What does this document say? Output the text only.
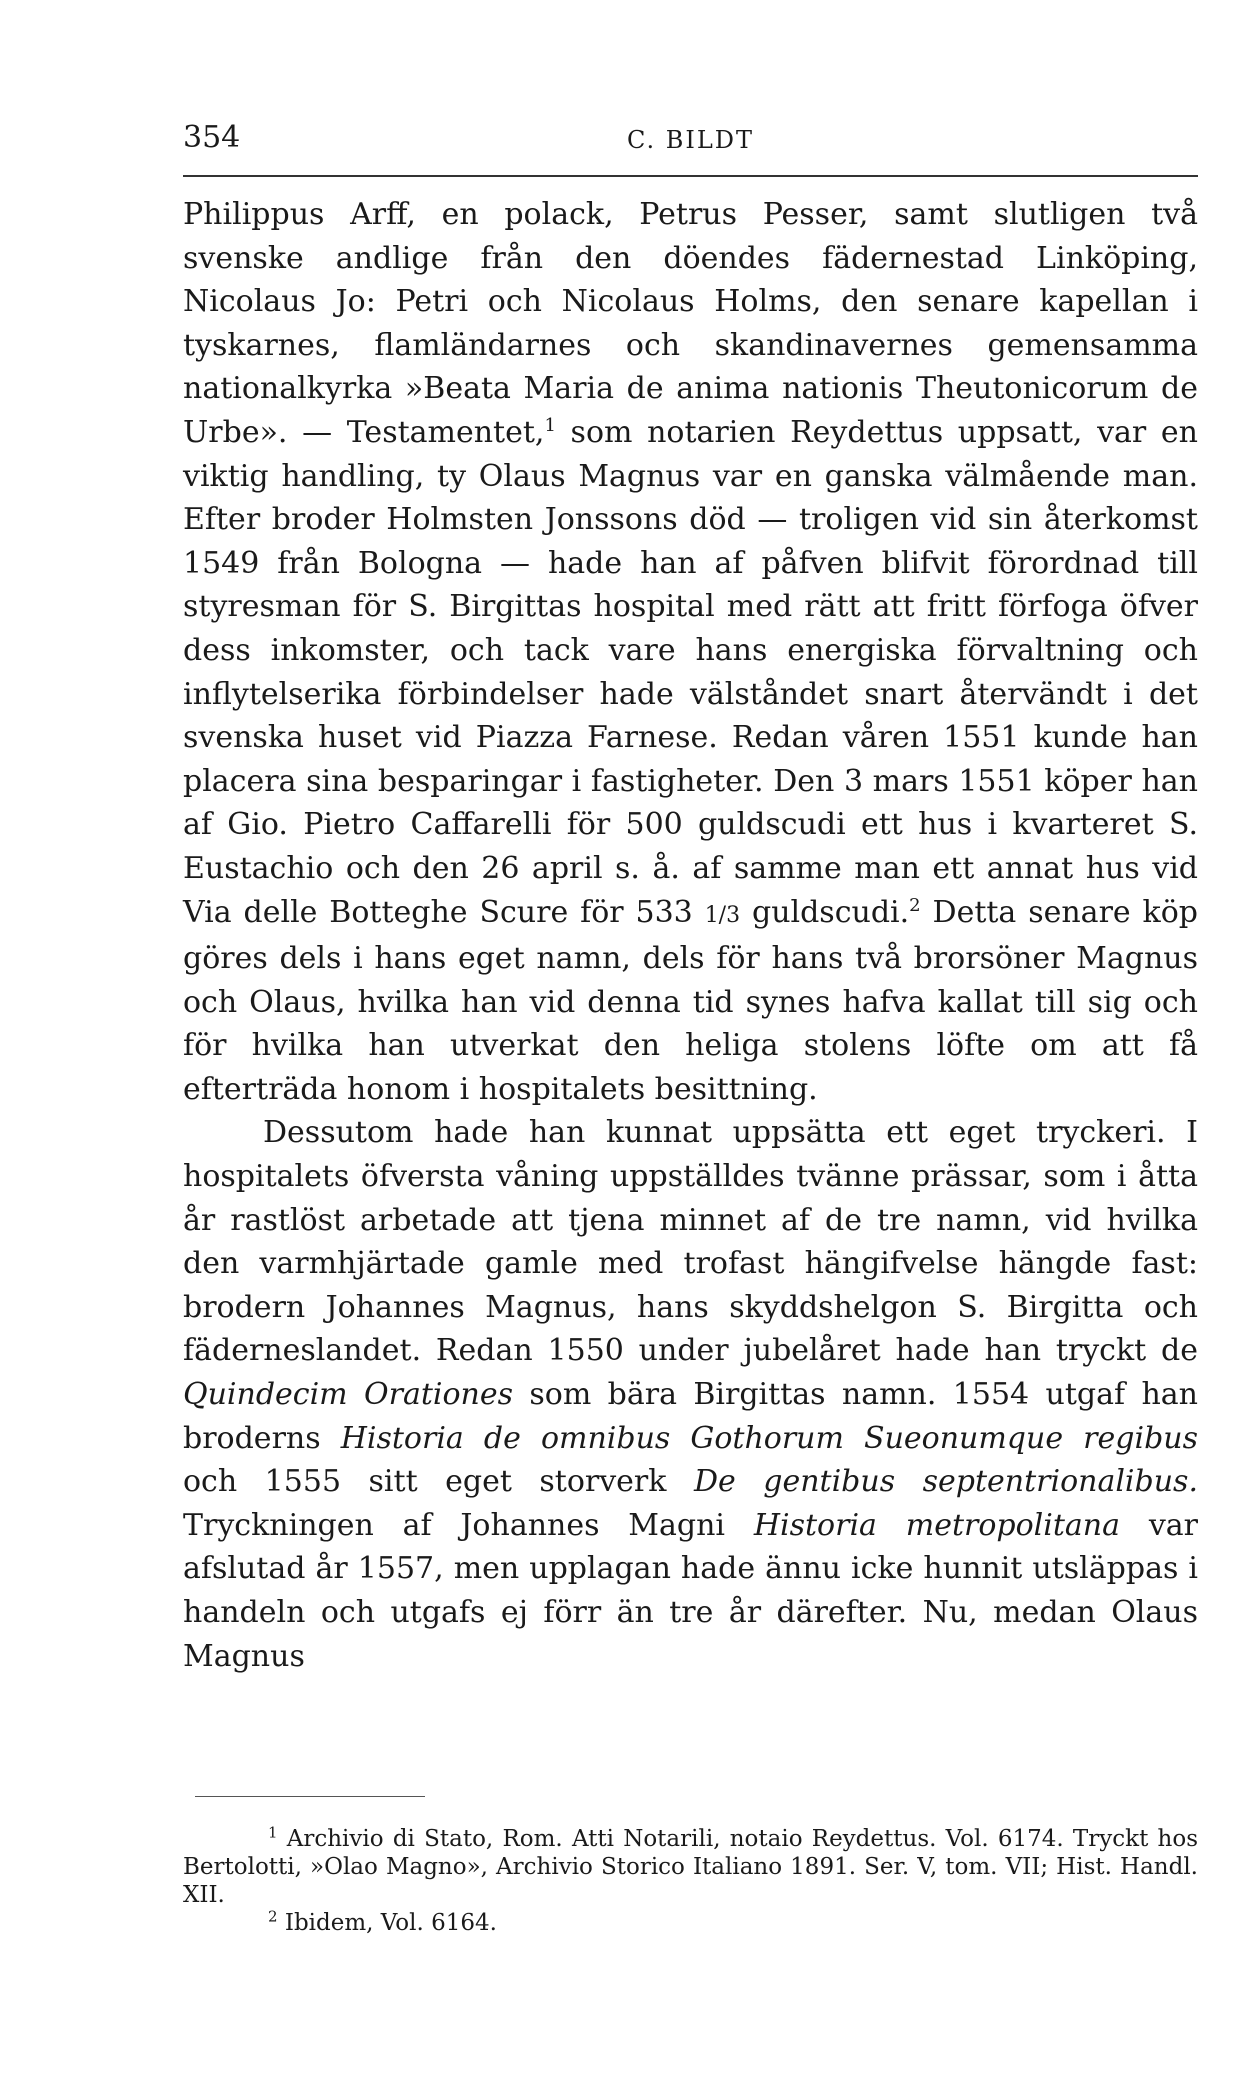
354	C. BILDT

Philippus Arff, en polack, Petrus Pesser, samt slutligen två svenske andlige från den döendes fädernestad Linköping, Nicolaus Jo: Petri och Nicolaus Holms, den senare kapellan i tyskarnes, flamländarnes och skandinavernes gemensamma nationalkyrka »Beata Maria de anima nationis Theutonicorum de Urbe». — Testamentet,$^1$ som notarien Reydettus uppsatt, var en viktig handling, ty Olaus Magnus var en ganska välmående man. Efter broder Holmsten Jonssons död — troligen vid sin återkomst 1549 från Bologna — hade han af påfven blifvit förordnad till styresman för S. Birgittas hospital med rätt att fritt förfoga öfver dess inkomster, och tack vare hans energiska förvaltning och inflytelserika förbindelser hade välståndet snart återvändt i det svenska huset vid Piazza Farnese. Redan våren 1551 kunde han placera sina besparingar i fastigheter. Den 3 mars 1551 köper han af Gio. Pietro Caffarelli för 500 guldscudi ett hus i kvarteret S. Eustachio och den 26 april s. å. af samme man ett annat hus vid Via delle Botteghe Scure för 533 1/3 guldscudi.$^2$ Detta senare köp göres dels i hans eget namn, dels för hans två brorsöner Magnus och Olaus, hvilka han vid denna tid synes hafva kallat till sig och för hvilka han utverkat den heliga stolens löfte om att få efterträda honom i hospitalets besittning.

Dessutom hade han kunnat uppsätta ett eget tryckeri. I hospitalets öfversta våning uppställdes tvänne prässar, som i åtta år rastlöst arbetade att tjena minnet af de tre namn, vid hvilka den varmhjärtade gamle med trofast hängifvelse hängde fast: brodern Johannes Magnus, hans skyddshelgon S. Birgitta och fäderneslandet. Redan 1550 under jubelåret hade han tryckt de Quindecim Orationes som bära Birgittas namn. 1554 utgaf han broderns Historia de omnibus Gothorum Sueonumque regibus och 1555 sitt eget storverk De gentibus septentrionalibus. Tryckningen af Johannes Magni Historia metropolitana var afslutad år 1557, men upplagan hade ännu icke hunnit utsläppas i handeln och utgafs ej förr än tre år därefter. Nu, medan Olaus Magnus

$^1$ Archivio di Stato, Rom. Atti Notarili, notaio Reydettus. Vol. 6174. Tryckt hos Bertolotti, »Olao Magno», Archivio Storico Italiano 1891. Ser. V, tom. VII; Hist. Handl. XII.

$^2$ Ibidem, Vol. 6164.
